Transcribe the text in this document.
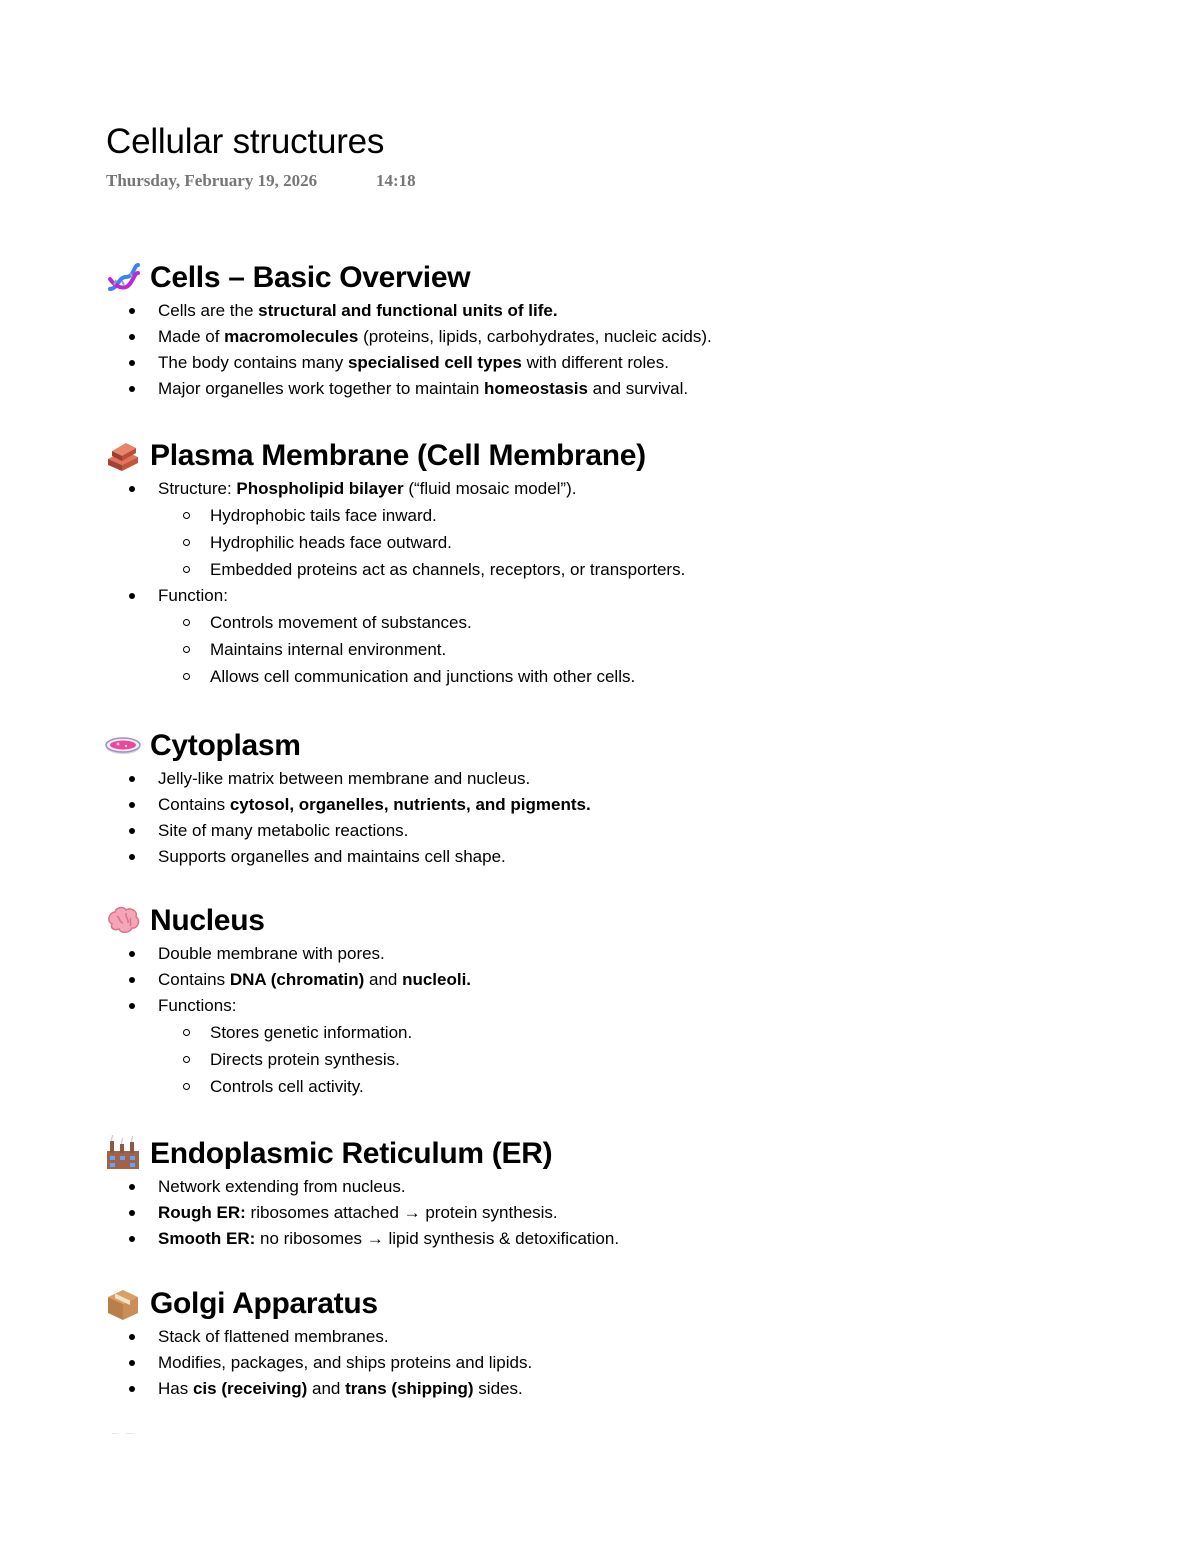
Cellular structures
Thursday, February 19, 2026	14:18
Cells – Basic Overview
Cells are the structural and functional units of life.
Made of macromolecules (proteins, lipids, carbohydrates, nucleic acids).
The body contains many specialised cell types with different roles.
Major organelles work together to maintain homeostasis and survival.
Plasma Membrane (Cell Membrane)
Structure: Phospholipid bilayer (“fluid mosaic model”).
Hydrophobic tails face inward.
Hydrophilic heads face outward.
Embedded proteins act as channels, receptors, or transporters.
Function:
Controls movement of substances.
Maintains internal environment.
Allows cell communication and junctions with other cells.
Cytoplasm
Jelly-like matrix between membrane and nucleus.
Contains cytosol, organelles, nutrients, and pigments.
Site of many metabolic reactions.
Supports organelles and maintains cell shape.
Nucleus
Double membrane with pores.
Contains DNA (chromatin) and nucleoli.
Functions:
Stores genetic information.
Directs protein synthesis.
Controls cell activity.
Endoplasmic Reticulum (ER)
Network extending from nucleus.
Rough ER: ribosomes attached → protein synthesis.
Smooth ER: no ribosomes → lipid synthesis & detoxification.
Golgi Apparatus
Stack of flattened membranes.
Modifies, packages, and ships proteins and lipids.
Has cis (receiving) and trans (shipping) sides.
